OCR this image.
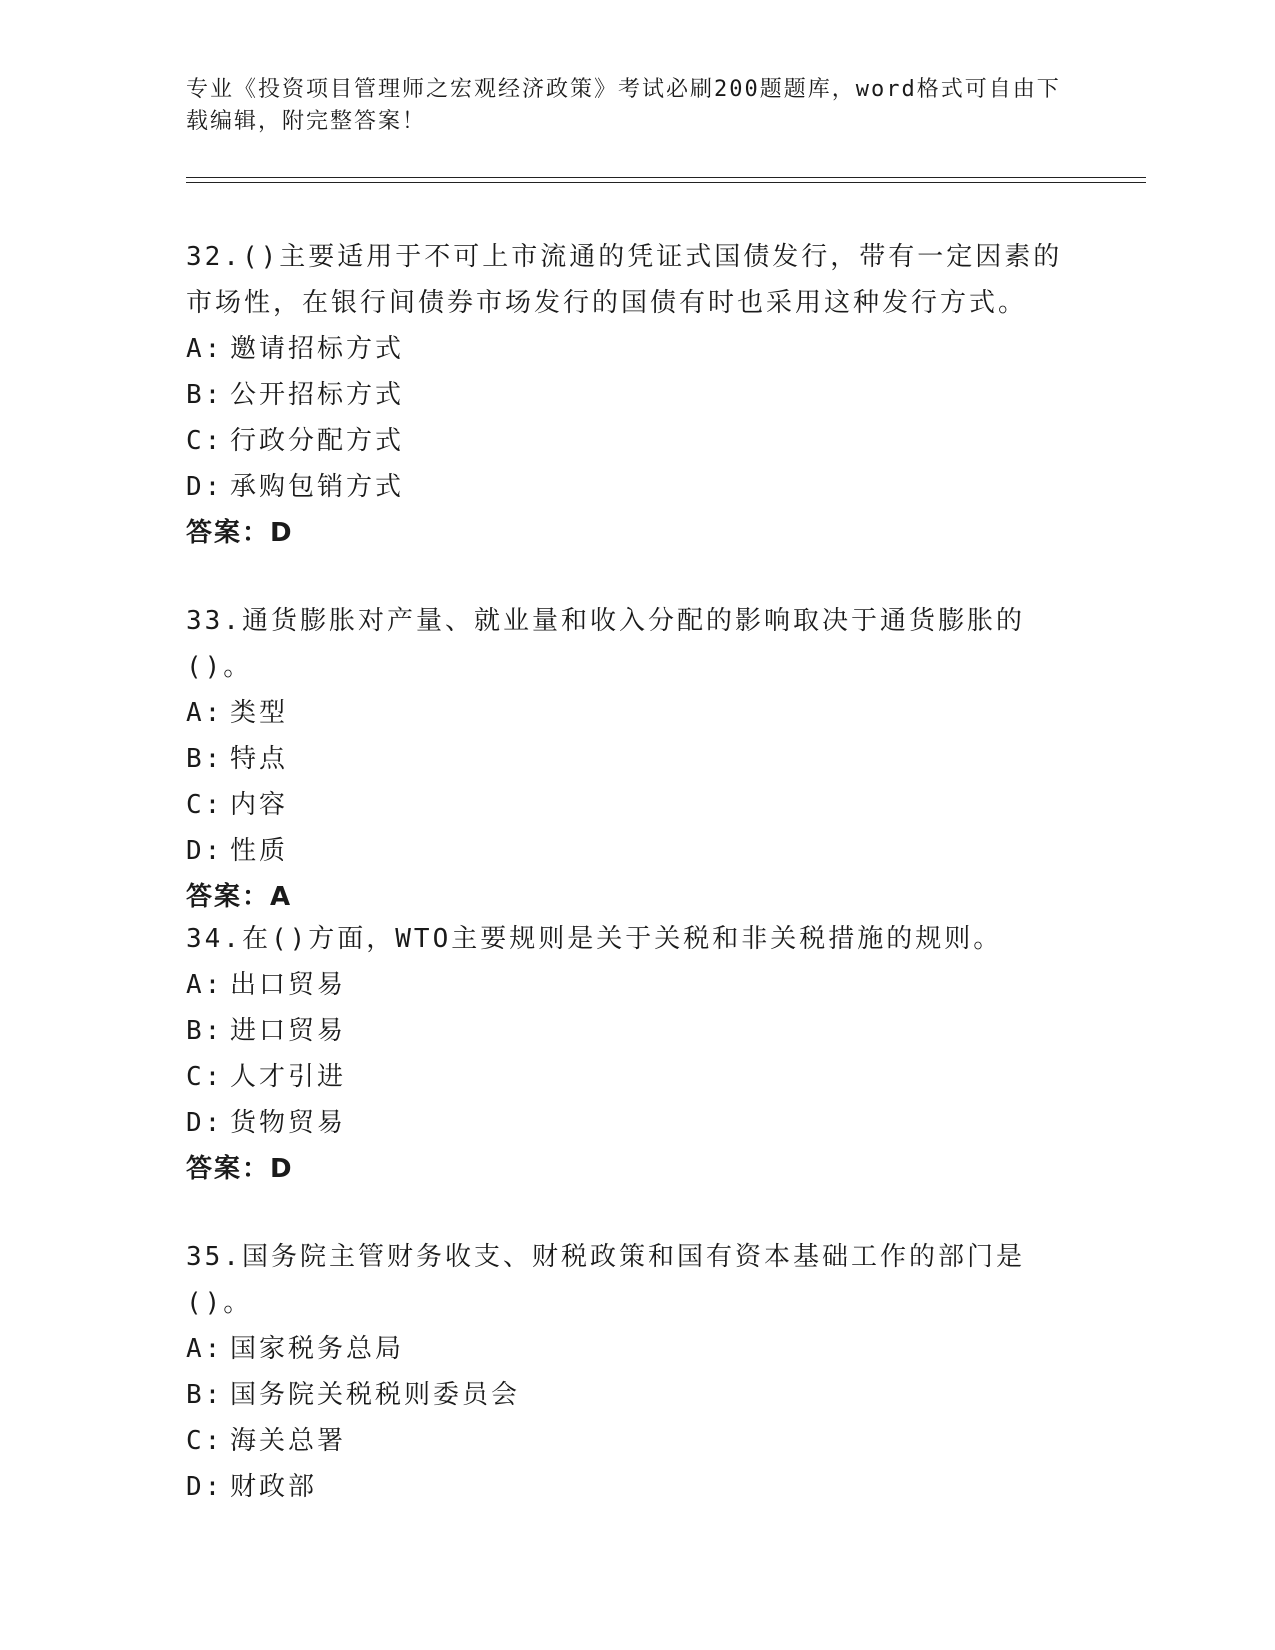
专业《投资项目管理师之宏观经济政策》考试必刷200题题库，word格式可自由下载编辑，附完整答案！

32.()主要适用于不可上市流通的凭证式国债发行，带有一定因素的市场性，在银行间债券市场发行的国债有时也采用这种发行方式。

A: 邀请招标方式

B: 公开招标方式

C: 行政分配方式

D: 承购包销方式

答案：D

33.通货膨胀对产量、就业量和收入分配的影响取决于通货膨胀的()。

A: 类型

B: 特点

C: 内容

D: 性质

答案：A

34.在()方面，WTO主要规则是关于关税和非关税措施的规则。

A: 出口贸易

B: 进口贸易

C: 人才引进

D: 货物贸易

答案：D

35.国务院主管财务收支、财税政策和国有资本基础工作的部门是()。

A: 国家税务总局

B: 国务院关税税则委员会

C: 海关总署

D: 财政部
